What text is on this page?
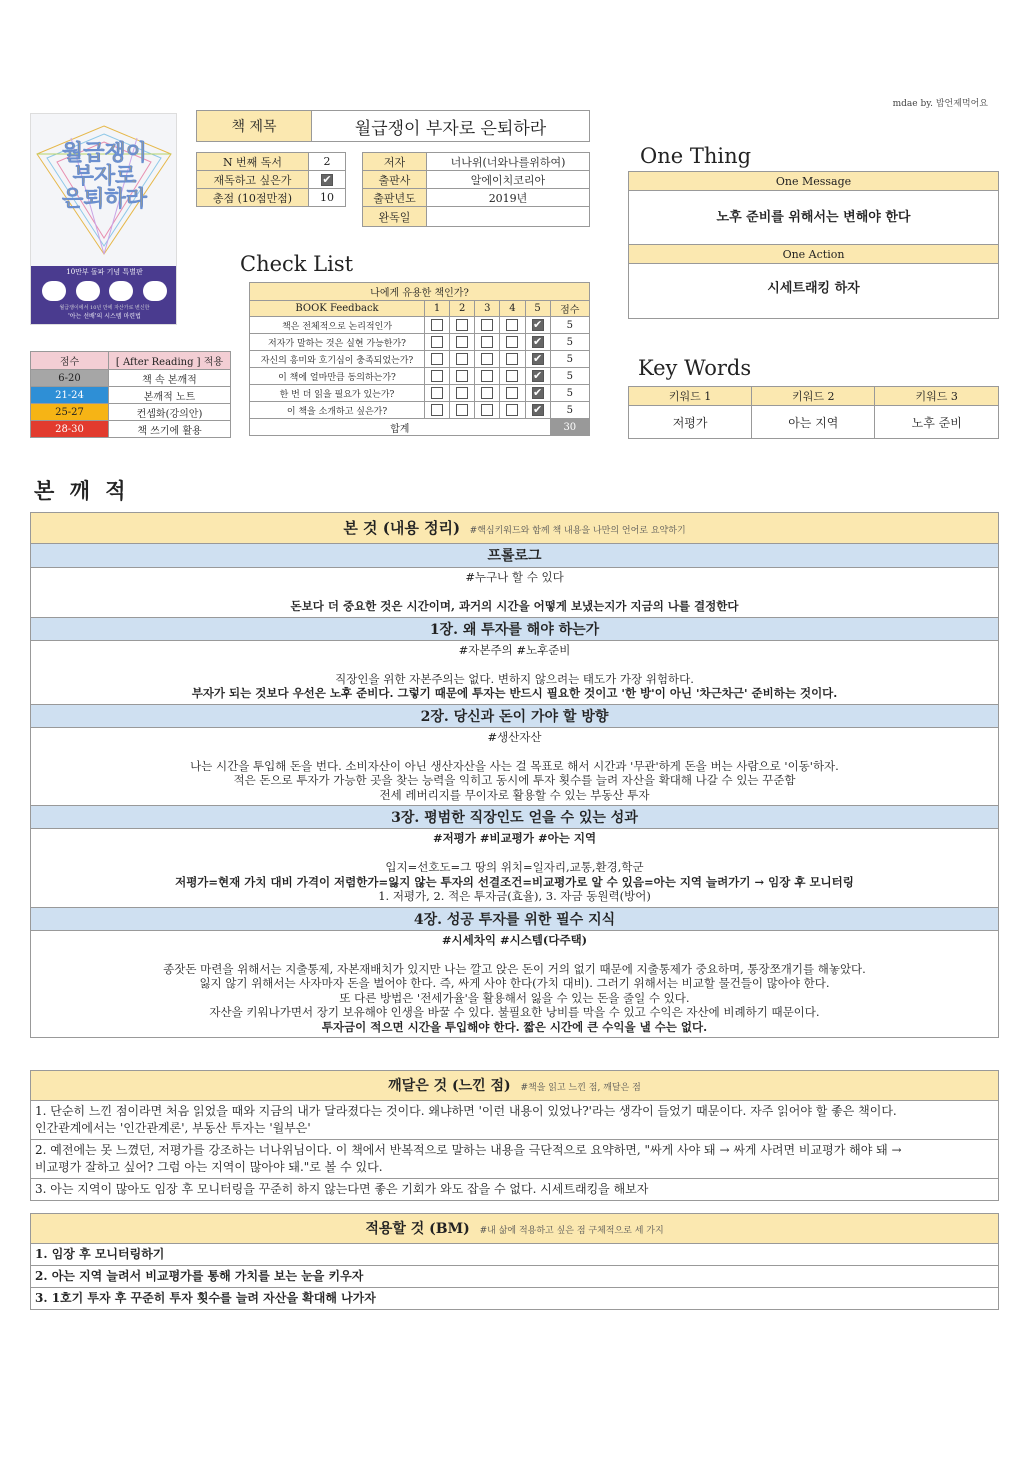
mdae by. 밥언제먹어요
월급쟁이
부자로
은퇴하라
10만부 돌파 기념 특별판
월급쟁이에서 10년 만에 자산가로 변신한
'아는 선배'의 시스템 마련법
책 제목	월급쟁이 부자로 은퇴하라
N 번째 독서	2
재독하고 싶은가	✔
총점 (10점만점)	10
저자	너나위(너와나를위하여)
출판사	알에이치코리아
출판년도	2019년
완독일	
One Thing
One Message
노후 준비를 위해서는 변해야 한다
One Action
시세트래킹 하자
Check List
나에게 유용한 책인가?						
BOOK Feedback	1	2	3	4	5	점수
책은 전체적으로 논리적인가					✔	5
저자가 말하는 것은 실현 가능한가?					✔	5
자신의 흥미와 호기심이 충족되었는가?					✔	5
이 책에 얼마만큼 동의하는가?					✔	5
한 번 더 읽을 필요가 있는가?					✔	5
이 책을 소개하고 싶은가?					✔	5
합계						30
점수	[ After Reading ] 적용
6-20	책 속 본깨적
21-24	본깨적 노트
25-27	컨셉화(강의안)
28-30	책 쓰기에 활용
Key Words
키워드 1	키워드 2	키워드 3
저평가	아는 지역	노후 준비
본 깨 적
본 것 (내용 정리) #핵심키워드와 함께 책 내용을 나만의 언어로 요약하기
프롤로그
#누구나 할 수 있다
돈보다 더 중요한 것은 시간이며, 과거의 시간을 어떻게 보냈는지가 지금의 나를 결정한다
1장. 왜 투자를 해야 하는가
#자본주의 #노후준비
직장인을 위한 자본주의는 없다. 변하지 않으려는 태도가 가장 위험하다.
부자가 되는 것보다 우선은 노후 준비다. 그렇기 때문에 투자는 반드시 필요한 것이고 '한 방'이 아닌 '차근차근' 준비하는 것이다.
2장. 당신과 돈이 가야 할 방향
#생산자산
나는 시간을 투입해 돈을 번다. 소비자산이 아닌 생산자산을 사는 걸 목표로 해서 시간과 '무관'하게 돈을 버는 사람으로 '이동'하자.
적은 돈으로 투자가 가능한 곳을 찾는 능력을 익히고 동시에 투자 횟수를 늘려 자산을 확대해 나갈 수 있는 꾸준함
전세 레버리지를 무이자로 활용할 수 있는 부동산 투자
3장. 평범한 직장인도 얻을 수 있는 성과
#저평가 #비교평가 #아는 지역
입지=선호도=그 땅의 위치=일자리,교통,환경,학군
저평가=현재 가치 대비 가격이 저렴한가=잃지 않는 투자의 선결조건=비교평가로 알 수 있음=아는 지역 늘려가기 → 임장 후 모니터링
1. 저평가, 2. 적은 투자금(효율), 3. 자금 동원력(방어)
4장. 성공 투자를 위한 필수 지식
#시세차익 #시스템(다주택)
종잣돈 마련을 위해서는 지출통제, 자본재배치가 있지만 나는 깔고 앉은 돈이 거의 없기 때문에 지출통제가 중요하며, 통장쪼개기를 해놓았다.
잃지 않기 위해서는 사자마자 돈을 벌어야 한다. 즉, 싸게 사야 한다(가치 대비). 그러기 위해서는 비교할 물건들이 많아야 한다.
또 다른 방법은 '전세가율'을 활용해서 잃을 수 있는 돈을 줄일 수 있다.
자산을 키워나가면서 장기 보유해야 인생을 바꿀 수 있다. 불필요한 낭비를 막을 수 있고 수익은 자산에 비례하기 때문이다.
투자금이 적으면 시간을 투입해야 한다. 짧은 시간에 큰 수익을 낼 수는 없다.
깨달은 것 (느낀 점) #책을 읽고 느낀 점, 깨달은 점
1. 단순히 느낀 점이라면 처음 읽었을 때와 지금의 내가 달라졌다는 것이다. 왜냐하면 '이런 내용이 있었나?'라는 생각이 들었기 때문이다. 자주 읽어야 할 좋은 책이다.
인간관계에서는 '인간관계론', 부동산 투자는 '월부은'
2. 예전에는 못 느꼈던, 저평가를 강조하는 너나위님이다. 이 책에서 반복적으로 말하는 내용을 극단적으로 요약하면, "싸게 사야 돼 → 싸게 사려면 비교평가 해야 돼 →
비교평가 잘하고 싶어? 그럼 아는 지역이 많아야 돼."로 볼 수 있다.
3. 아는 지역이 많아도 임장 후 모니터링을 꾸준히 하지 않는다면 좋은 기회가 와도 잡을 수 없다. 시세트래킹을 해보자
적용할 것 (BM) #내 삶에 적용하고 싶은 점 구체적으로 세 가지
1. 임장 후 모니터링하기
2. 아는 지역 늘려서 비교평가를 통해 가치를 보는 눈을 키우자
3. 1호기 투자 후 꾸준히 투자 횟수를 늘려 자산을 확대해 나가자
